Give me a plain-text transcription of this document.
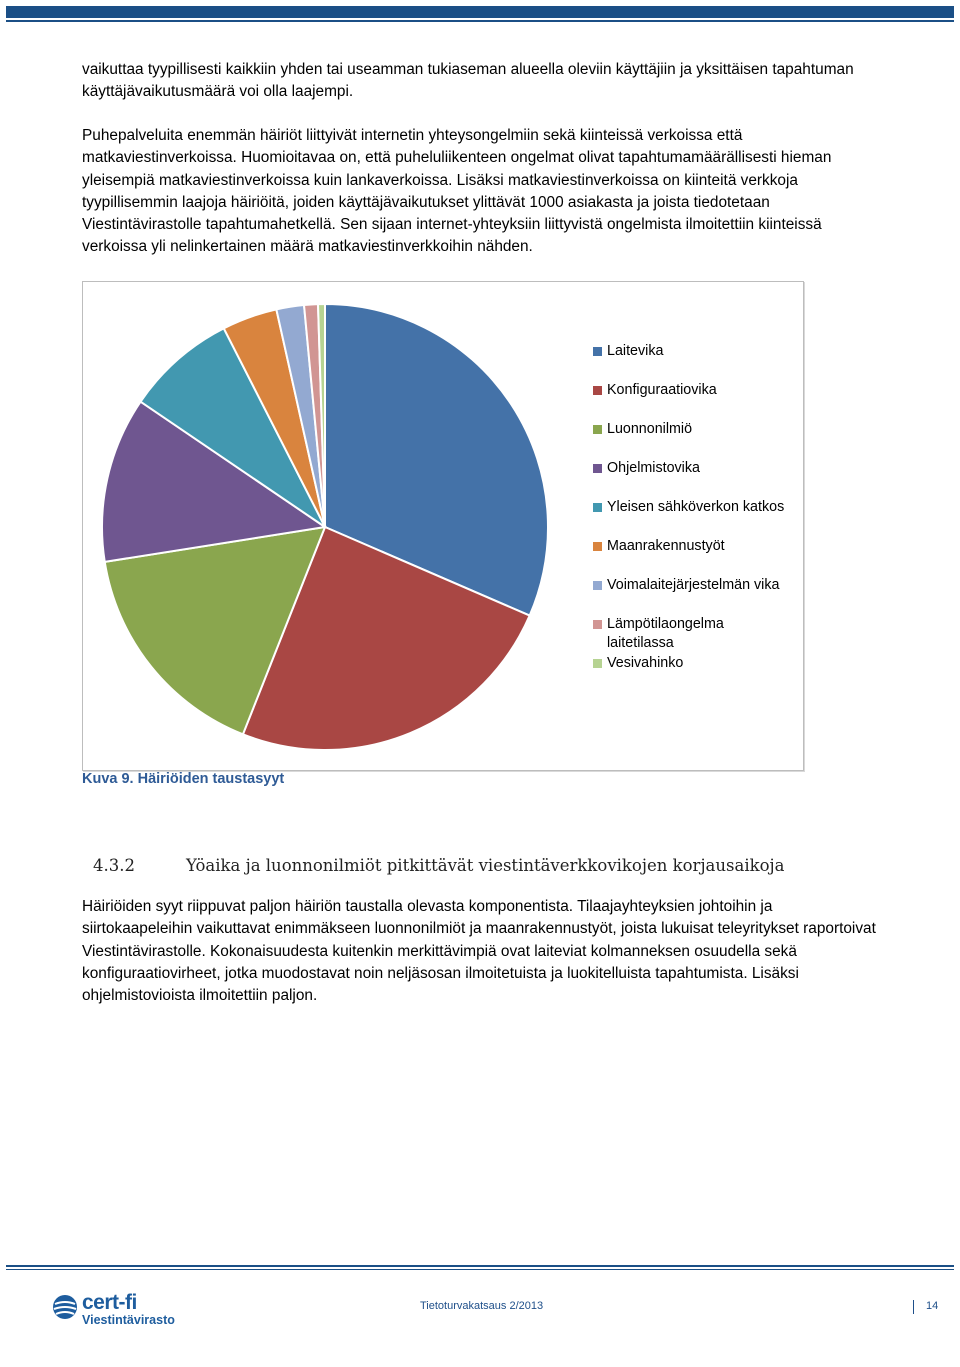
vaikuttaa tyypillisesti kaikkiin yhden tai useamman tukiaseman alueella oleviin käyttäjiin ja yksittäisen tapahtuman käyttäjävaikutusmäärä voi olla laajempi.

Puhepalveluita enemmän häiriöt liittyivät internetin yhteysongelmiin sekä kiinteissä verkoissa että matkaviestinverkoissa. Huomioitavaa on, että puheluliikenteen ongelmat olivat tapahtumamäärällisesti hieman yleisempiä matkaviestinverkoissa kuin lankaverkoissa. Lisäksi matkaviestinverkoissa on kiinteitä verkkoja tyypillisemmin laajoja häiriöitä, joiden käyttäjävaikutukset ylittävät 1000 asiakasta ja joista tiedotetaan Viestintävirastolle tapahtumahetkellä. Sen sijaan internet-yhteyksiin liittyvistä ongelmista ilmoitettiin kiinteissä verkoissa yli nelinkertainen määrä matkaviestinverkkoihin nähden.

Laitevika
Konfiguraatiovika
Luonnonilmiö
Ohjelmistovika
Yleisen sähköverkon katkos
Maanrakennustyöt
Voimalaitejärjestelmän vika
Lämpötilaongelma laitetilassa
Vesivahinko
Kuva 9. Häiriöiden taustasyyt
4.3.2	Yöaika ja luonnonilmiöt pitkittävät viestintäverkkovikojen korjausaikoja

Häiriöiden syyt riippuvat paljon häiriön taustalla olevasta komponentista. Tilaajayhteyksien johtoihin ja siirtokaapeleihin vaikuttavat enimmäkseen luonnonilmiöt ja maanrakennustyöt, joista lukuisat teleyritykset raportoivat Viestintävirastolle. Kokonaisuudesta kuitenkin merkittävimpiä ovat laiteviat kolmanneksen osuudella sekä konfiguraatiovirheet, jotka muodostavat noin neljäsosan ilmoitetuista ja luokitelluista tapahtumista. Lisäksi ohjelmistovioista ilmoitettiin paljon.

cert-fi
Viestintävirasto
Tietoturvakatsaus 2/2013	14
